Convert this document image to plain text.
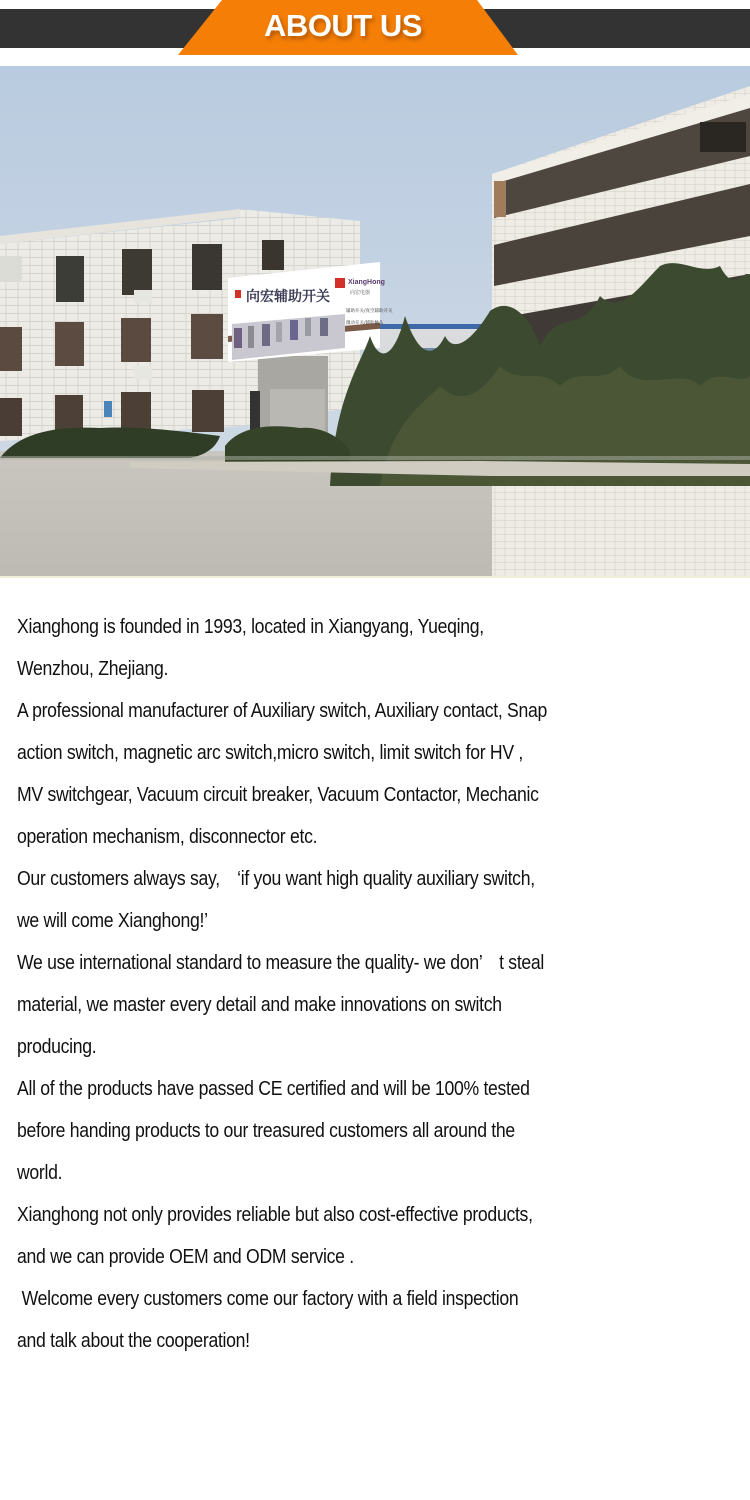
ABOUT US
向宏辅助开关
XiangHong
向宏电器
辅助开关/真空辅助开关
微动开关/辅助触头

Xianghong is founded in 1993, located in Xiangyang, Yueqing,

Wenzhou, Zhejiang.

A professional manufacturer of Auxiliary switch, Auxiliary contact, Snap

action switch, magnetic arc switch,micro switch, limit switch for HV ,

MV switchgear, Vacuum circuit breaker, Vacuum Contactor, Mechanic

operation mechanism, disconnector etc.

Our customers always say,　‘if you want high quality auxiliary switch,

we will come Xianghong!’

We use international standard to measure the quality- we don’　t steal

material, we master every detail and make innovations on switch

producing.

All of the products have passed CE certified and will be 100% tested

before handing products to our treasured customers all around the

world.

Xianghong not only provides reliable but also cost-effective products,

and we can provide OEM and ODM service .

Welcome every customers come our factory with a field inspection

and talk about the cooperation!
